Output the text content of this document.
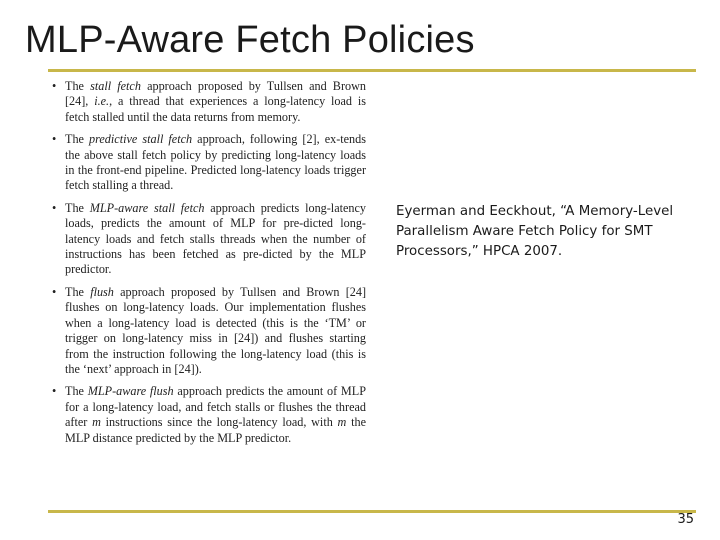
MLP-Aware Fetch Policies
• The stall fetch approach proposed by Tullsen and Brown [24], i.e., a thread that experiences a long-latency load is fetch stalled until the data returns from memory.
• The predictive stall fetch approach, following [2], ex-tends the above stall fetch policy by predicting long-latency loads in the front-end pipeline. Predicted long-latency loads trigger fetch stalling a thread.
• The MLP-aware stall fetch approach predicts long-latency loads, predicts the amount of MLP for pre-dicted long-latency loads and fetch stalls threads when the number of instructions has been fetched as pre-dicted by the MLP predictor.
• The flush approach proposed by Tullsen and Brown [24] flushes on long-latency loads. Our implementation flushes when a long-latency load is detected (this is the ‘TM’ or trigger on long-latency miss in [24]) and flushes starting from the instruction following the long-latency load (this is the ‘next’ approach in [24]).
• The MLP-aware flush approach predicts the amount of MLP for a long-latency load, and fetch stalls or flushes the thread after m instructions since the long-latency load, with m the MLP distance predicted by the MLP predictor.
Eyerman and Eeckhout, “A Memory-Level Parallelism Aware Fetch Policy for SMT Processors,” HPCA 2007.
35
